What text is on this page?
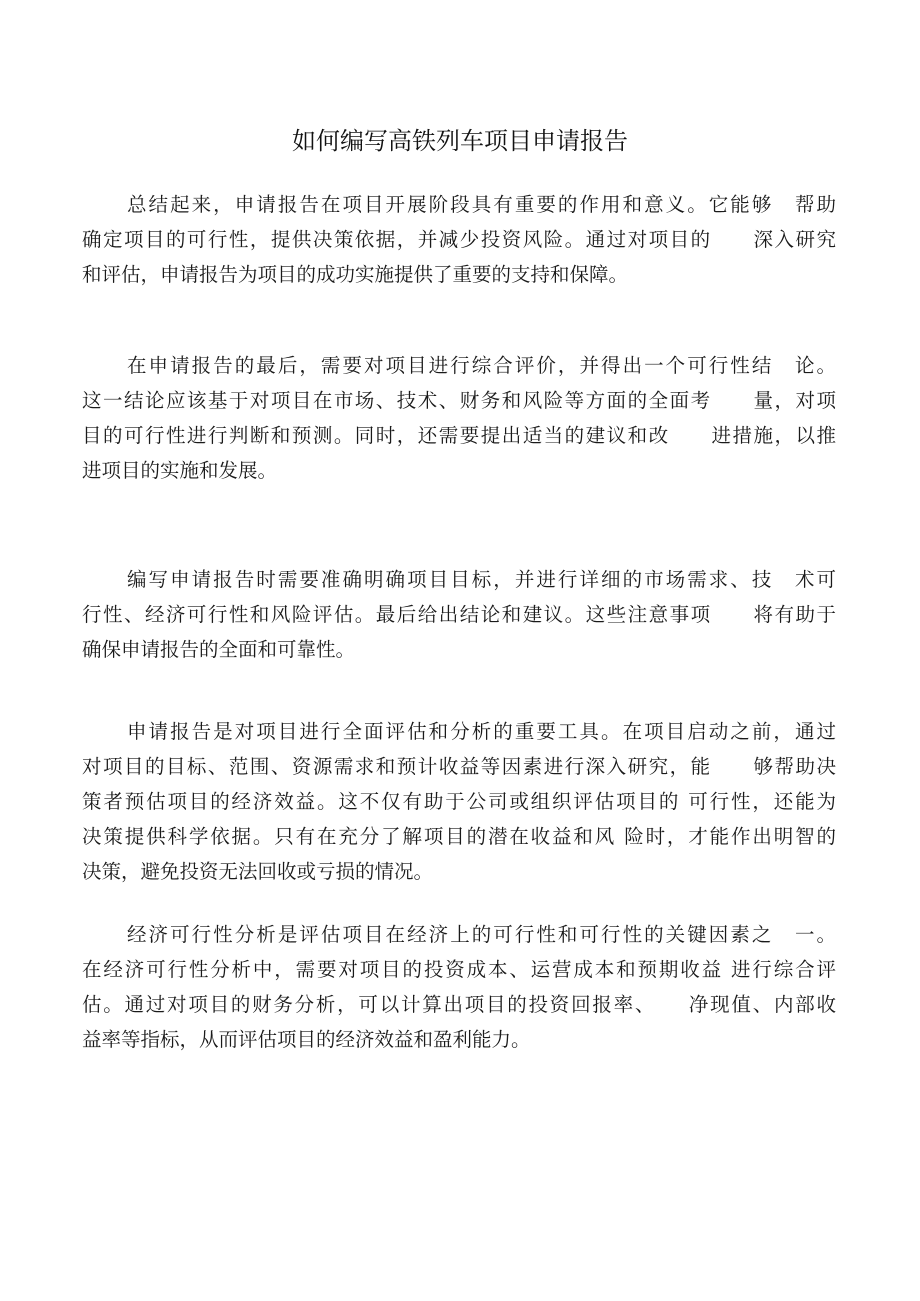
如何编写高铁列车项目申请报告
总结起来，申请报告在项目开展阶段具有重要的作用和意义。它能够　帮助
确定项目的可行性，提供决策依据，并减少投资风险。通过对项目的　　深入研究
和评估，申请报告为项目的成功实施提供了重要的支持和保障。
在申请报告的最后，需要对项目进行综合评价，并得出一个可行性结　论。
这一结论应该基于对项目在市场、技术、财务和风险等方面的全面考　　量，对项
目的可行性进行判断和预测。同时，还需要提出适当的建议和改　　进措施，以推
进项目的实施和发展。
编写申请报告时需要准确明确项目目标，并进行详细的市场需求、技　术可
行性、经济可行性和风险评估。最后给出结论和建议。这些注意事项　　将有助于
确保申请报告的全面和可靠性。
申请报告是对项目进行全面评估和分析的重要工具。在项目启动之前，通过
对项目的目标、范围、资源需求和预计收益等因素进行深入研究，能　　够帮助决
策者预估项目的经济效益。这不仅有助于公司或组织评估项目的 可行性，还能为
决策提供科学依据。只有在充分了解项目的潜在收益和风 险时，才能作出明智的
决策，避免投资无法回收或亏损的情况。
经济可行性分析是评估项目在经济上的可行性和可行性的关键因素之　一。
在经济可行性分析中，需要对项目的投资成本、运营成本和预期收益 进行综合评
估。通过对项目的财务分析，可以计算出项目的投资回报率、　　净现值、内部收
益率等指标，从而评估项目的经济效益和盈利能力。
